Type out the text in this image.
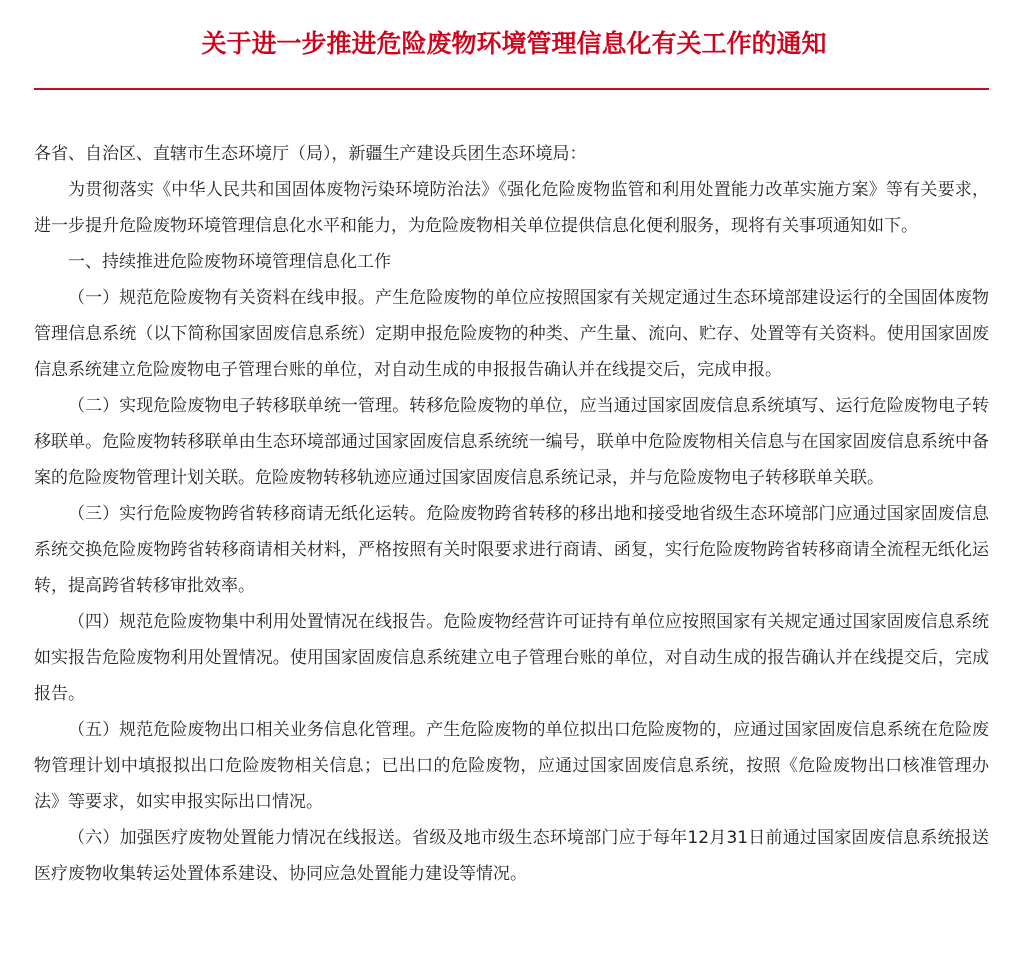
关于进一步推进危险废物环境管理信息化有关工作的通知

各省、自治区、直辖市生态环境厅（局），新疆生产建设兵团生态环境局：

为贯彻落实《中华人民共和国固体废物污染环境防治法》《强化危险废物监管和利用处置能力改革实施方案》等有关要求，进一步提升危险废物环境管理信息化水平和能力，为危险废物相关单位提供信息化便利服务，现将有关事项通知如下。

一、持续推进危险废物环境管理信息化工作

（一）规范危险废物有关资料在线申报。产生危险废物的单位应按照国家有关规定通过生态环境部建设运行的全国固体废物管理信息系统（以下简称国家固废信息系统）定期申报危险废物的种类、产生量、流向、贮存、处置等有关资料。使用国家固废信息系统建立危险废物电子管理台账的单位，对自动生成的申报报告确认并在线提交后，完成申报。

（二）实现危险废物电子转移联单统一管理。转移危险废物的单位，应当通过国家固废信息系统填写、运行危险废物电子转移联单。危险废物转移联单由生态环境部通过国家固废信息系统统一编号，联单中危险废物相关信息与在国家固废信息系统中备案的危险废物管理计划关联。危险废物转移轨迹应通过国家固废信息系统记录，并与危险废物电子转移联单关联。

（三）实行危险废物跨省转移商请无纸化运转。危险废物跨省转移的移出地和接受地省级生态环境部门应通过国家固废信息系统交换危险废物跨省转移商请相关材料，严格按照有关时限要求进行商请、函复，实行危险废物跨省转移商请全流程无纸化运转，提高跨省转移审批效率。

（四）规范危险废物集中利用处置情况在线报告。危险废物经营许可证持有单位应按照国家有关规定通过国家固废信息系统如实报告危险废物利用处置情况。使用国家固废信息系统建立电子管理台账的单位，对自动生成的报告确认并在线提交后，完成报告。

（五）规范危险废物出口相关业务信息化管理。产生危险废物的单位拟出口危险废物的，应通过国家固废信息系统在危险废物管理计划中填报拟出口危险废物相关信息；已出口的危险废物，应通过国家固废信息系统，按照《危险废物出口核准管理办法》等要求，如实申报实际出口情况。

（六）加强医疗废物处置能力情况在线报送。省级及地市级生态环境部门应于每年12月31日前通过国家固废信息系统报送医疗废物收集转运处置体系建设、协同应急处置能力建设等情况。
